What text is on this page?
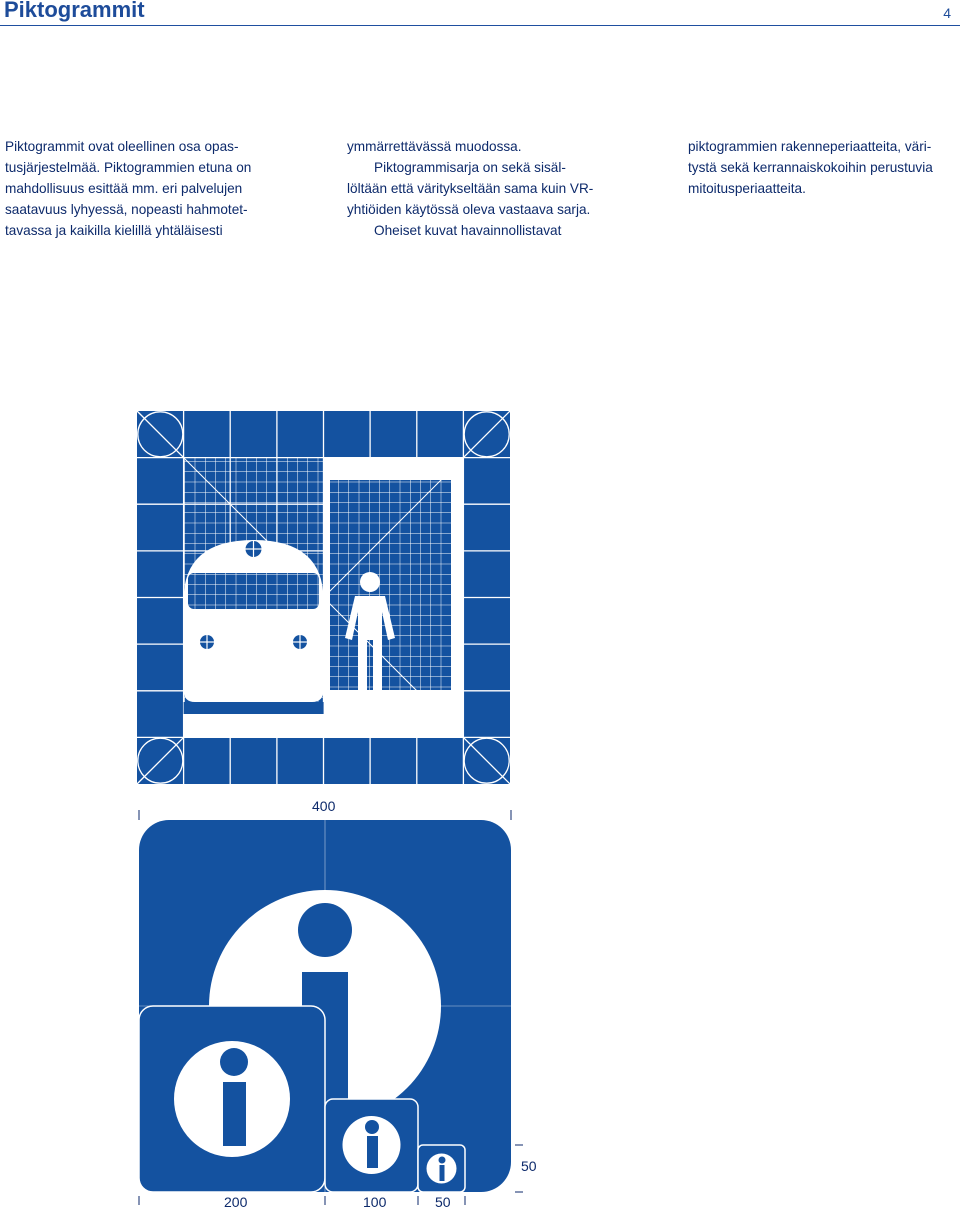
Piktogrammit	4

Piktogrammit ovat oleellinen osa opas-

tusjärjestelmää. Piktogrammien etuna on

mahdollisuus esittää mm. eri palvelujen

saatavuus lyhyessä, nopeasti hahmotet-

tavassa ja kaikilla kielillä yhtäläisesti

ymmärrettävässä muodossa.

Piktogrammisarja on sekä sisäl-

löltään että väritykseltään sama kuin VR-

yhtiöiden käytössä oleva vastaava sarja.

Oheiset kuvat havainnollistavat

piktogrammien rakenneperiaatteita, väri-

tystä sekä kerrannaiskokoihin perustuvia

mitoitusperiaatteita.

400
200	100	50
50
